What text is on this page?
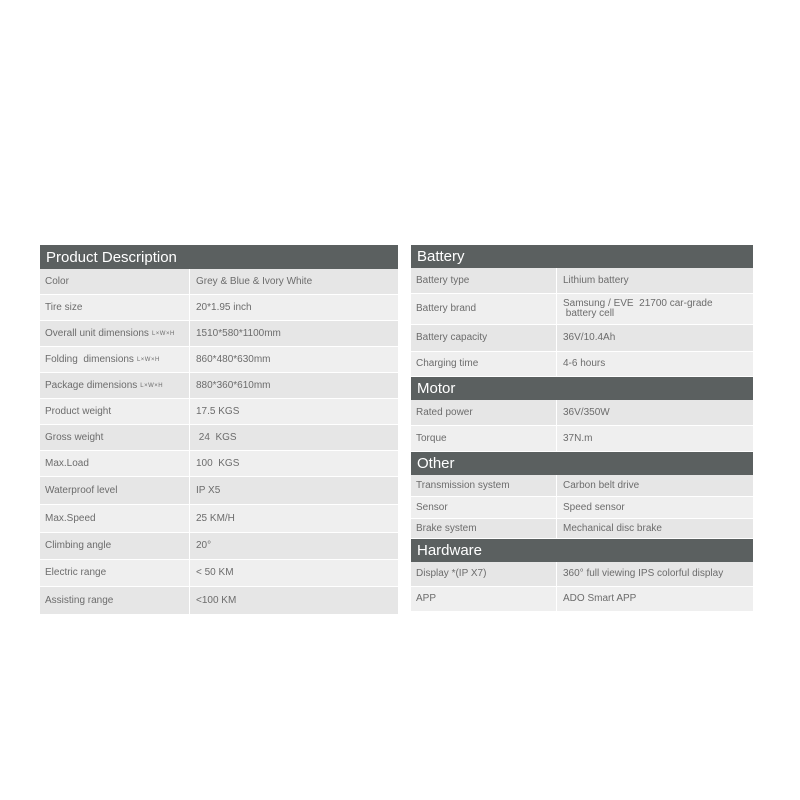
Product Description
Color	Grey & Blue & Ivory White
Tire size	20*1.95 inch
Overall unit dimensions L×W×H	1510*580*1100mm
Folding  dimensions L×W×H	860*480*630mm
Package dimensions L×W×H	880*360*610mm
Product weight	17.5 KGS
Gross weight	24  KGS
Max.Load	100  KGS
Waterproof level	IP X5
Max.Speed	25 KM/H
Climbing angle	20°
Electric range	< 50 KM
Assisting range	<100 KM
Battery
Battery type	Lithium battery
Battery brand	Samsung / EVE  21700 car-grade
battery cell
Battery capacity	36V/10.4Ah
Charging time	4-6 hours
Motor
Rated power	36V/350W
Torque	37N.m
Other
Transmission system	Carbon belt drive
Sensor	Speed sensor
Brake system	Mechanical disc brake
Hardware
Display *(IP X7)	360° full viewing IPS colorful display
APP	ADO Smart APP
